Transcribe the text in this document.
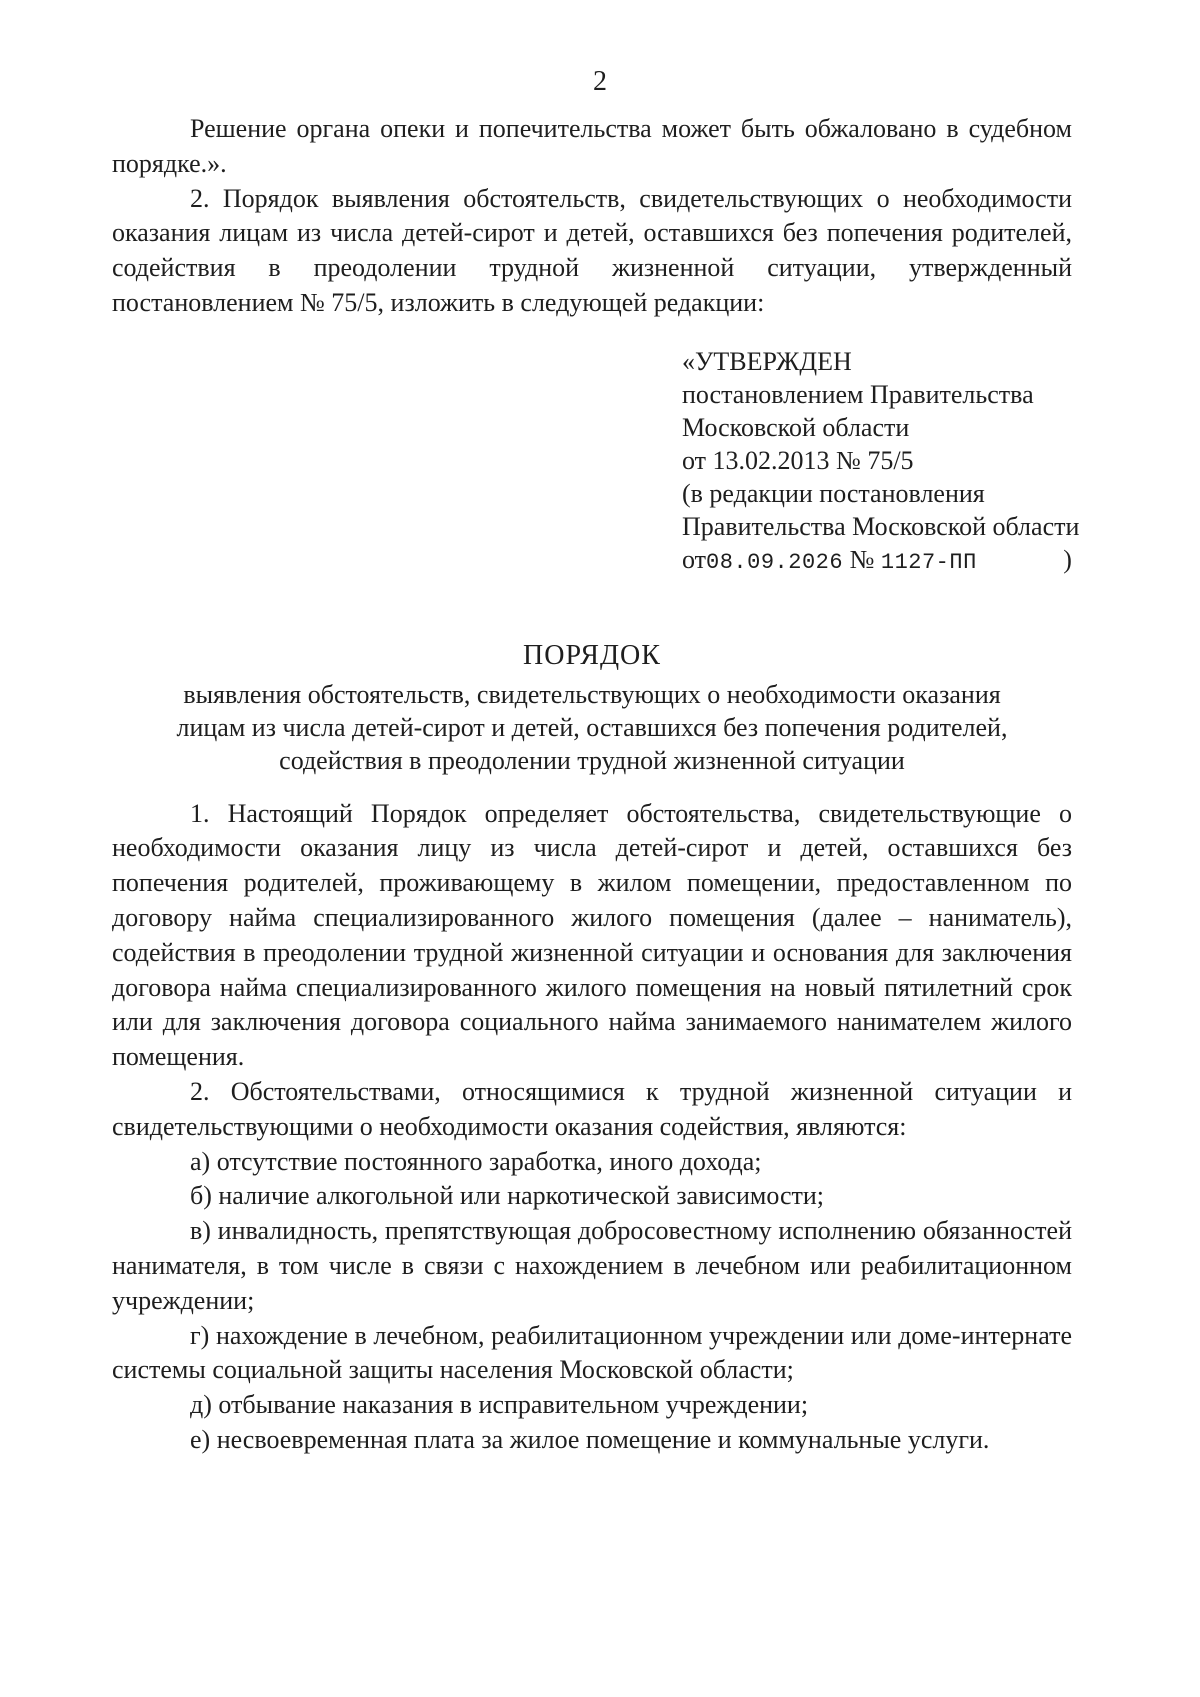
2

Решение органа опеки и попечительства может быть обжаловано в судебном порядке.».

2. Порядок выявления обстоятельств, свидетельствующих о необходимости оказания лицам из числа детей-сирот и детей, оставшихся без попечения родителей, содействия в преодолении трудной жизненной ситуации, утвержденный постановлением № 75/5, изложить в следующей редакции:

«УТВЕРЖДЕН
постановлением Правительства
Московской области
от 13.02.2013 № 75/5
(в редакции постановления
Правительства Московской области
от08.09.2026 № 1127-ПП	)
ПОРЯДОК

выявления обстоятельств, свидетельствующих о необходимости оказания лицам из числа детей-сирот и детей, оставшихся без попечения родителей, содействия в преодолении трудной жизненной ситуации

1. Настоящий Порядок определяет обстоятельства, свидетельствующие о необходимости оказания лицу из числа детей-сирот и детей, оставшихся без попечения родителей, проживающему в жилом помещении, предоставленном по договору найма специализированного жилого помещения (далее – наниматель), содействия в преодолении трудной жизненной ситуации и основания для заключения договора найма специализированного жилого помещения на новый пятилетний срок или для заключения договора социального найма занимаемого нанимателем жилого помещения.

2. Обстоятельствами, относящимися к трудной жизненной ситуации и свидетельствующими о необходимости оказания содействия, являются:

а) отсутствие постоянного заработка, иного дохода;

б) наличие алкогольной или наркотической зависимости;

в) инвалидность, препятствующая добросовестному исполнению обязанностей нанимателя, в том числе в связи с нахождением в лечебном или реабилитационном учреждении;

г) нахождение в лечебном, реабилитационном учреждении или доме-интернате системы социальной защиты населения Московской области;

д) отбывание наказания в исправительном учреждении;

е) несвоевременная плата за жилое помещение и коммунальные услуги.
